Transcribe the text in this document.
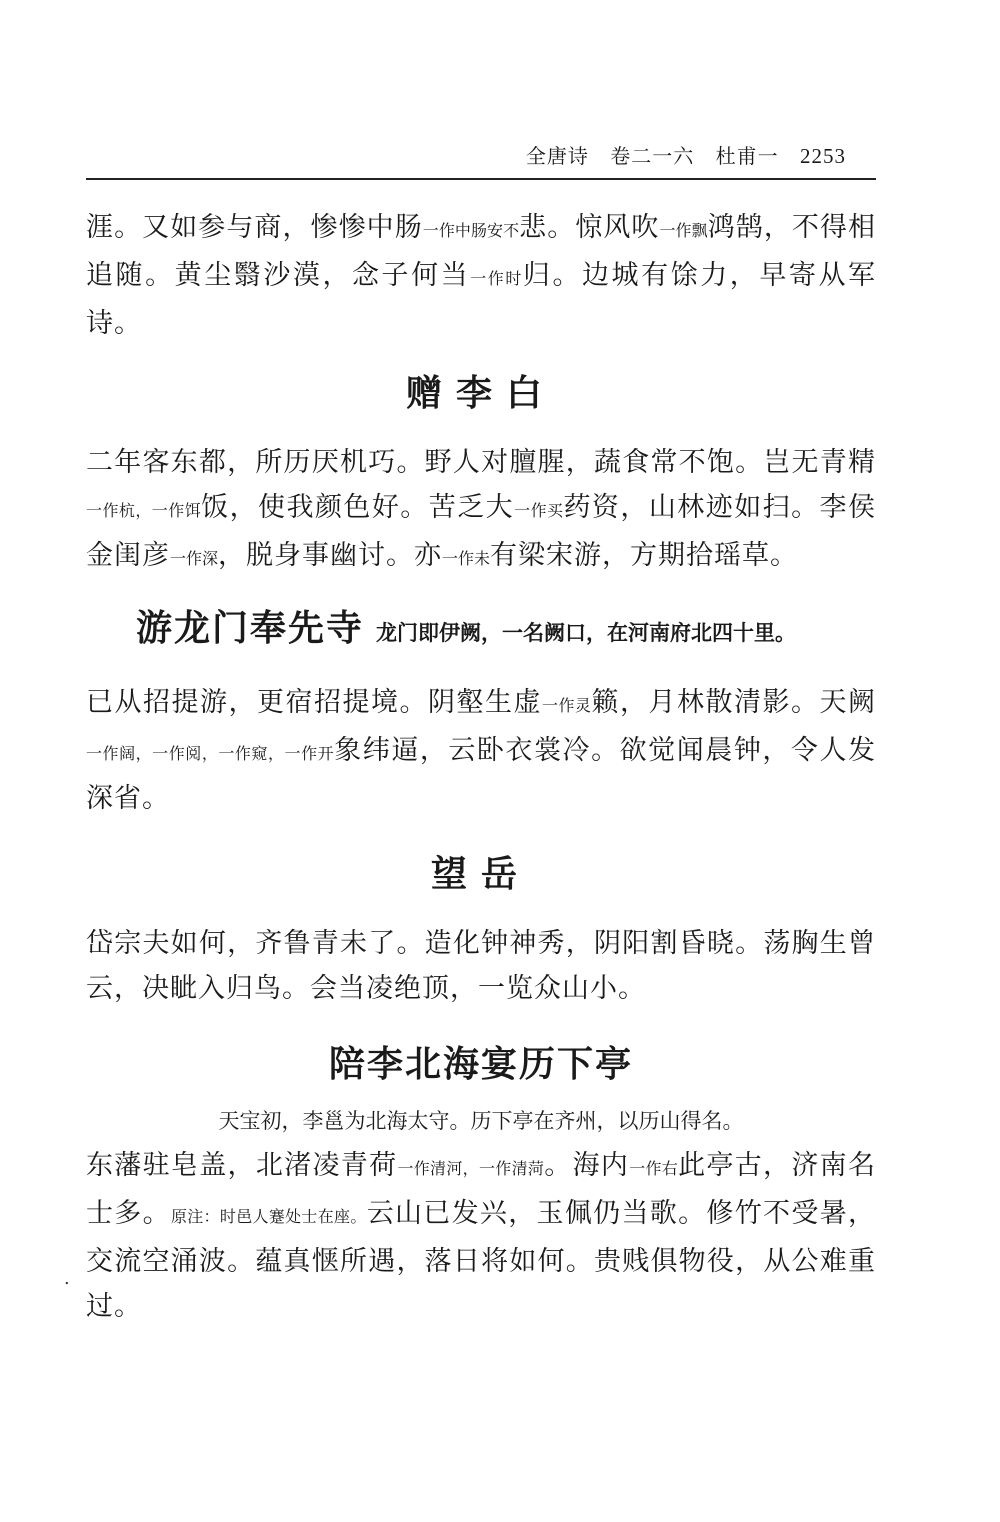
全唐诗 卷二一六 杜甫一 2253

涯。又如参与商，惨惨中肠一作中肠安不悲。惊风吹一作飘鸿鹄，不得相追随。黄尘翳沙漠，念子何当一作时归。边城有馀力，早寄从军诗。

赠李白

二年客东都，所历厌机巧。野人对膻腥，蔬食常不饱。岂无青精一作杭，一作饵饭，使我颜色好。苦乏大一作买药资，山林迹如扫。李侯金闺彦一作深，脱身事幽讨。亦一作未有梁宋游，方期拾瑶草。

游龙门奉先寺 龙门即伊阙，一名阙口，在河南府北四十里。

已从招提游，更宿招提境。阴壑生虚一作灵籁，月林散清影。天阙一作阔，一作阅，一作窥，一作开象纬逼，云卧衣裳冷。欲觉闻晨钟，令人发深省。

望岳

岱宗夫如何，齐鲁青未了。造化钟神秀，阴阳割昏晓。荡胸生曾云，决眦入归鸟。会当凌绝顶，一览众山小。

陪李北海宴历下亭

天宝初，李邕为北海太守。历下亭在齐州，以历山得名。

东藩驻皂盖，北渚凌青荷一作清河，一作清菏。海内一作右此亭古，济南名士多。原注：时邑人蹇处士在座。云山已发兴，玉佩仍当歌。修竹不受暑，交流空涌波。蕴真惬所遇，落日将如何。贵贱俱物役，从公难重过。

.
